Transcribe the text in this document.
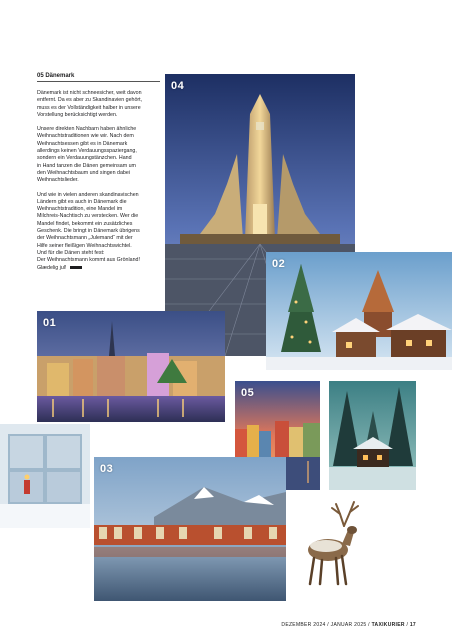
05 Dänemark

Dänemark ist nicht schneesicher, weit davon
entfernt. Da es aber zu Skandinavien gehört,
muss es der Vollständigkeit halber in unsere
Vorstellung berücksichtigt werden.

Unsere direkten Nachbarn haben ähnliche
Weihnachtstraditionen wie wir. Nach dem
Weihnachtsessen gibt es in Dänemark
allerdings keinen Verdauungsspaziergang,
sondern ein Verdauungstänzchen. Hand
in Hand tanzen die Dänen gemeinsam um
den Weihnachtsbaum und singen dabei
Weihnachtslieder.

Und wie in vielen anderen skandinavischen
Ländern gibt es auch in Dänemark die
Weihnachtstradition, eine Mandel im
Milchreis-Nachtisch zu verstecken. Wer die
Mandel findet, bekommt ein zusätzliches
Geschenk. Die bringt in Dänemark übrigens
der Weihnachtsmann „Julemand“ mit der
Hilfe seiner fleißigen Weihnachtswichtel.
Und für die Dänen steht fest:
Der Weihnachtsmann kommt aus Grönland!
Glædelig jul!

04
02
01
05
03
DEZEMBER 2024 / JANUAR 2025 / TAXIKURIER / 17
